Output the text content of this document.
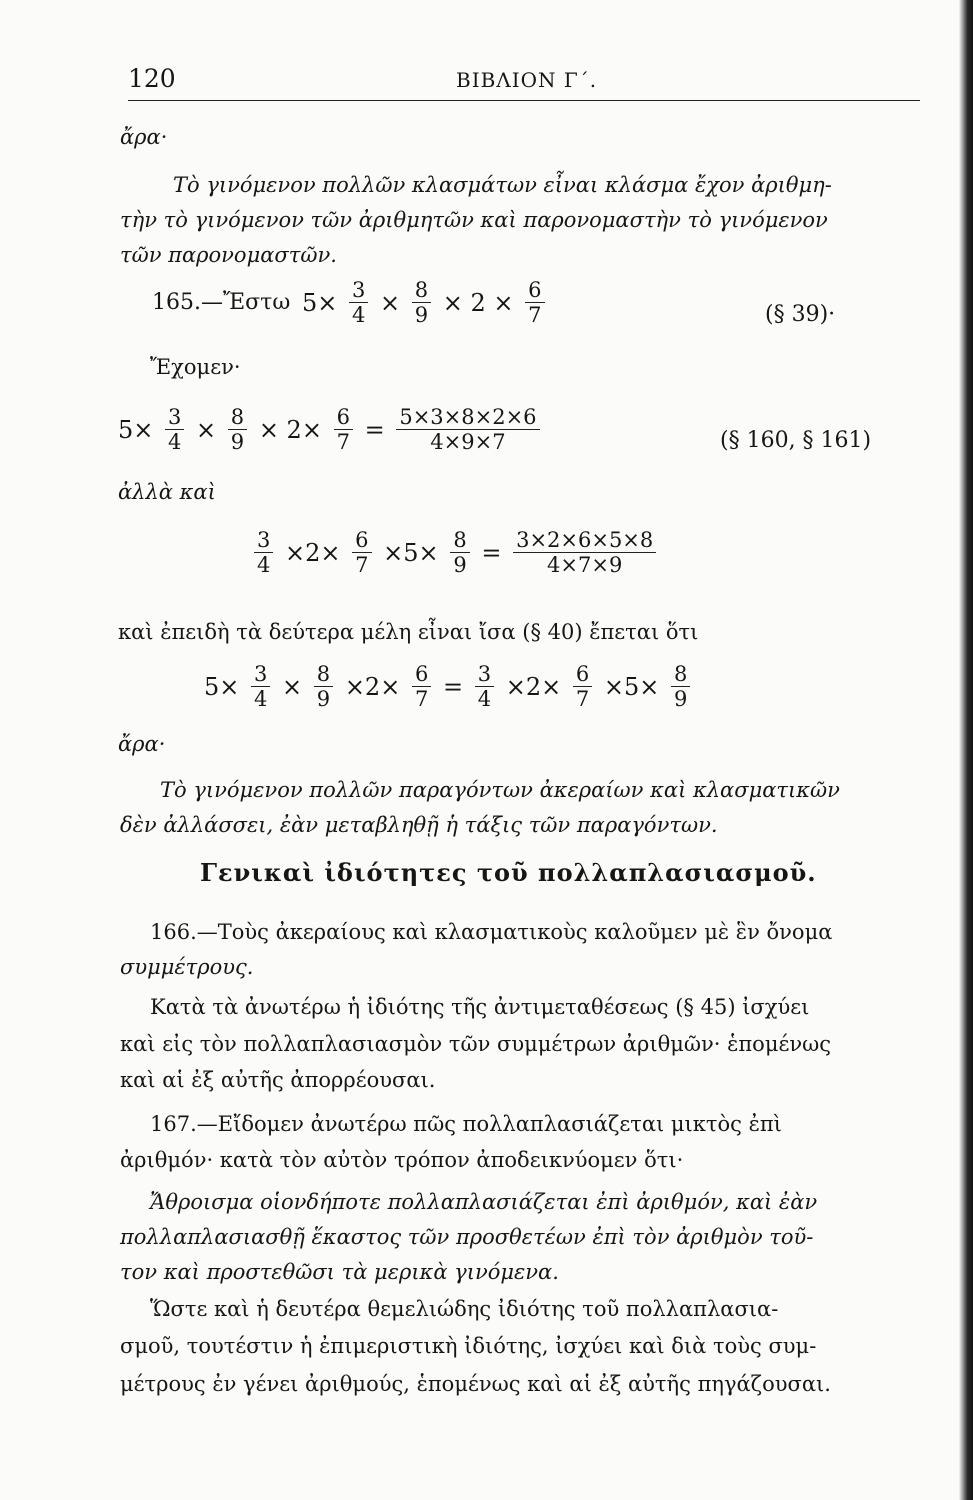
120	ΒΙΒΛΙΟΝ Γ΄.
ἄρα·
Τὸ γινόμενον πολλῶν κλασμάτων εἶναι κλάσμα ἔχον ἀριθμη-
τὴν τὸ γινόμενον τῶν ἀριθμητῶν καὶ παρονομαστὴν τὸ γινόμενον
τῶν παρονομαστῶν.
165.—Ἔστω $5\times \frac{3}{4} \times \frac{8}{9} \times 2 \times \frac{6}{7}$	(§ 39)·
Ἔχομεν·
$5\times \frac{3}{4} \times \frac{8}{9} \times 2\times \frac{6}{7} = \frac{5\times 3\times 8\times 2\times 6}{4\times 9\times 7}$	(§ 160, § 161)
ἀλλὰ καὶ
$\frac{3}{4} \times 2\times \frac{6}{7} \times 5\times \frac{8}{9} = \frac{3\times 2\times 6\times 5\times 8}{4\times 7\times 9}$
καὶ ἐπειδὴ τὰ δεύτερα μέλη εἶναι ἴσα (§ 40) ἔπεται ὅτι
$5\times \frac{3}{4} \times \frac{8}{9} \times 2\times \frac{6}{7} = \frac{3}{4} \times 2\times \frac{6}{7} \times 5\times \frac{8}{9}$
ἄρα·
Τὸ γινόμενον πολλῶν παραγόντων ἀκεραίων καὶ κλασματικῶν
δὲν ἀλλάσσει, ἐὰν μεταβληθῇ ἡ τάξις τῶν παραγόντων.
Γενικαὶ ἰδιότητες τοῦ πολλαπλασιασμοῦ.
166.—Τοὺς ἀκεραίους καὶ κλασματικοὺς καλοῦμεν μὲ ἓν ὄνομα
συμμέτρους.
Κατὰ τὰ ἀνωτέρω ἡ ἰδιότης τῆς ἀντιμεταθέσεως (§ 45) ἰσχύει
καὶ εἰς τὸν πολλαπλασιασμὸν τῶν συμμέτρων ἀριθμῶν· ἑπομένως
καὶ αἱ ἐξ αὐτῆς ἀπορρέουσαι.
167.—Εἴδομεν ἀνωτέρω πῶς πολλαπλασιάζεται μικτὸς ἐπὶ
ἀριθμόν· κατὰ τὸν αὐτὸν τρόπον ἀποδεικνύομεν ὅτι·
Ἄθροισμα οἱονδήποτε πολλαπλασιάζεται ἐπὶ ἀριθμόν, καὶ ἐὰν
πολλαπλασιασθῇ ἕκαστος τῶν προσθετέων ἐπὶ τὸν ἀριθμὸν τοῦ-
τον καὶ προστεθῶσι τὰ μερικὰ γινόμενα.
Ὥστε καὶ ἡ δευτέρα θεμελιώδης ἰδιότης τοῦ πολλαπλασια-
σμοῦ, τουτέστιν ἡ ἐπιμεριστικὴ ἰδιότης, ἰσχύει καὶ διὰ τοὺς συμ-
μέτρους ἐν γένει ἀριθμούς, ἑπομένως καὶ αἱ ἐξ αὐτῆς πηγάζουσαι.
